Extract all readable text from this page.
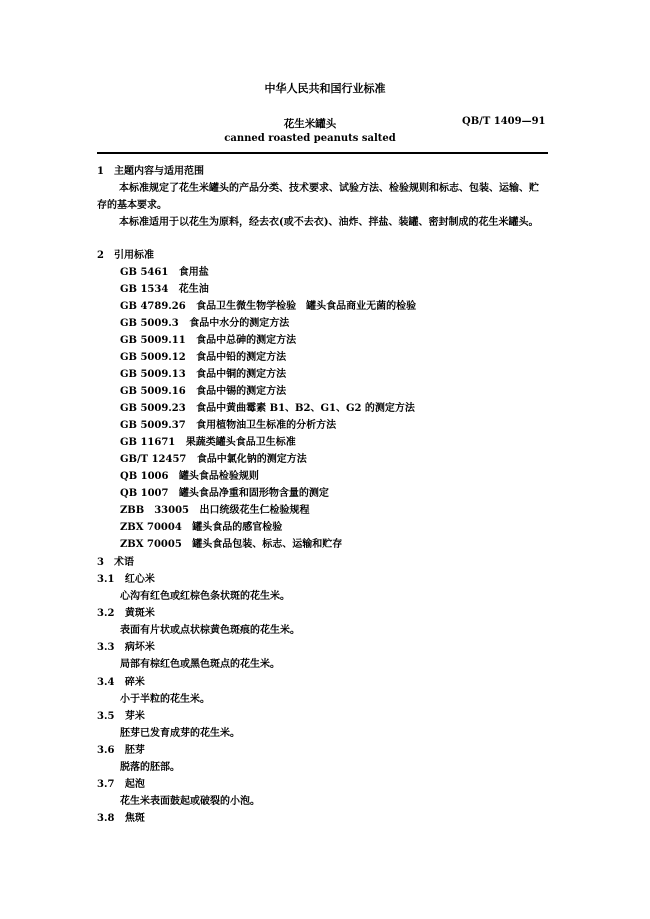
中华人民共和国行业标准
花生米罐头	QB/T 1409—91
canned roasted peanuts salted
1　主题内容与适用范围
本标准规定了花生米罐头的产品分类、技术要求、试验方法、检验规则和标志、包装、运输、贮存的基本要求。
本标准适用于以花生为原料，经去衣(或不去衣)、油炸、拌盐、装罐、密封制成的花生米罐头。
2　引用标准
GB 5461 食用盐
GB 1534 花生油
GB 4789.26 食品卫生微生物学检验　罐头食品商业无菌的检验
GB 5009.3 食品中水分的测定方法
GB 5009.11 食品中总砷的测定方法
GB 5009.12 食品中铅的测定方法
GB 5009.13 食品中铜的测定方法
GB 5009.16 食品中锡的测定方法
GB 5009.23 食品中黄曲霉素 B1、B2、G1、G2 的测定方法
GB 5009.37 食用植物油卫生标准的分析方法
GB 11671 果蔬类罐头食品卫生标准
GB/T 12457 食品中氯化钠的测定方法
QB 1006 罐头食品检验规则
QB 1007 罐头食品净重和固形物含量的测定
ZBB　33005 出口统级花生仁检验规程
ZBX 70004 罐头食品的感官检验
ZBX 70005 罐头食品包装、标志、运输和贮存
3　术语
3.1 红心米
心沟有红色或红棕色条状斑的花生米。
3.2 黄斑米
表面有片状或点状棕黄色斑痕的花生米。
3.3 病坏米
局部有棕红色或黑色斑点的花生米。
3.4 碎米
小于半粒的花生米。
3.5 芽米
胚芽已发育成芽的花生米。
3.6 胚芽
脱落的胚部。
3.7 起泡
花生米表面鼓起或破裂的小泡。
3.8 焦斑
